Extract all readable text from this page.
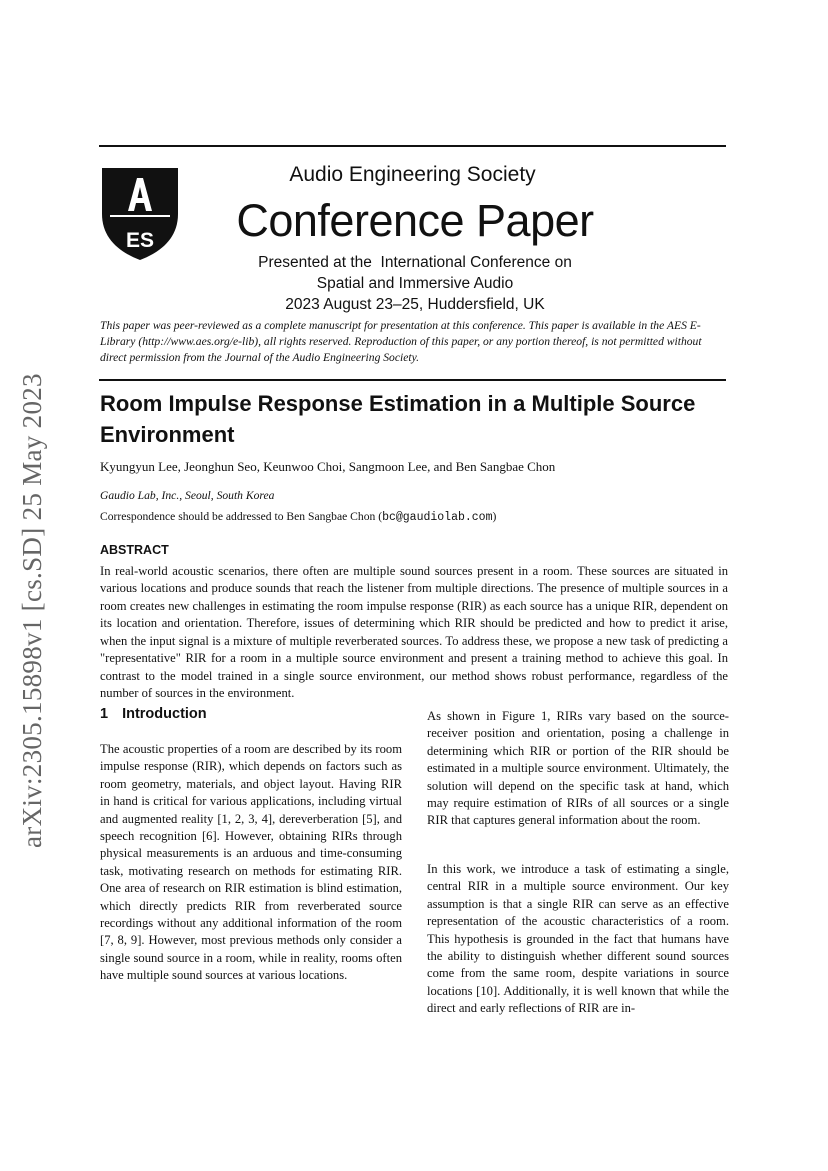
arXiv:2305.15898v1 [cs.SD] 25 May 2023
ES
Audio Engineering Society
Conference Paper
Presented at the  International Conference on
Spatial and Immersive Audio
2023 August 23–25, Huddersfield, UK
This paper was peer-reviewed as a complete manuscript for presentation at this conference. This paper is available in the AES E-Library (http://www.aes.org/e-lib), all rights reserved. Reproduction of this paper, or any portion thereof, is not permitted without direct permission from the Journal of the Audio Engineering Society.
Room Impulse Response Estimation in a Multiple Source Environment
Kyungyun Lee, Jeonghun Seo, Keunwoo Choi, Sangmoon Lee, and Ben Sangbae Chon
Gaudio Lab, Inc., Seoul, South Korea
Correspondence should be addressed to Ben Sangbae Chon (bc@gaudiolab.com)
ABSTRACT
In real-world acoustic scenarios, there often are multiple sound sources present in a room. These sources are situated in various locations and produce sounds that reach the listener from multiple directions. The presence of multiple sources in a room creates new challenges in estimating the room impulse response (RIR) as each source has a unique RIR, dependent on its location and orientation. Therefore, issues of determining which RIR should be predicted and how to predict it arise, when the input signal is a mixture of multiple reverberated sources. To address these, we propose a new task of predicting a "representative" RIR for a room in a multiple source environment and present a training method to achieve this goal. In contrast to the model trained in a single source environment, our method shows robust performance, regardless of the number of sources in the environment.
1 Introduction
The acoustic properties of a room are described by its room impulse response (RIR), which depends on factors such as room geometry, materials, and object layout. Having RIR in hand is critical for various applications, including virtual and augmented reality [1, 2, 3, 4], dereverberation [5], and speech recognition [6]. However, obtaining RIRs through physical measurements is an arduous and time-consuming task, motivating research on methods for estimating RIR. One area of research on RIR estimation is blind estimation, which directly predicts RIR from reverberated source recordings without any additional information of the room [7, 8, 9]. However, most previous methods only consider a single sound source in a room, while in reality, rooms often have multiple sound sources at various locations.
As shown in Figure 1, RIRs vary based on the source-receiver position and orientation, posing a challenge in determining which RIR or portion of the RIR should be estimated in a multiple source environment. Ultimately, the solution will depend on the specific task at hand, which may require estimation of RIRs of all sources or a single RIR that captures general information about the room.
In this work, we introduce a task of estimating a single, central RIR in a multiple source environment. Our key assumption is that a single RIR can serve as an effective representation of the acoustic characteristics of a room. This hypothesis is grounded in the fact that humans have the ability to distinguish whether different sound sources come from the same room, despite variations in source locations [10]. Additionally, it is well known that while the direct and early reflections of RIR are in-
